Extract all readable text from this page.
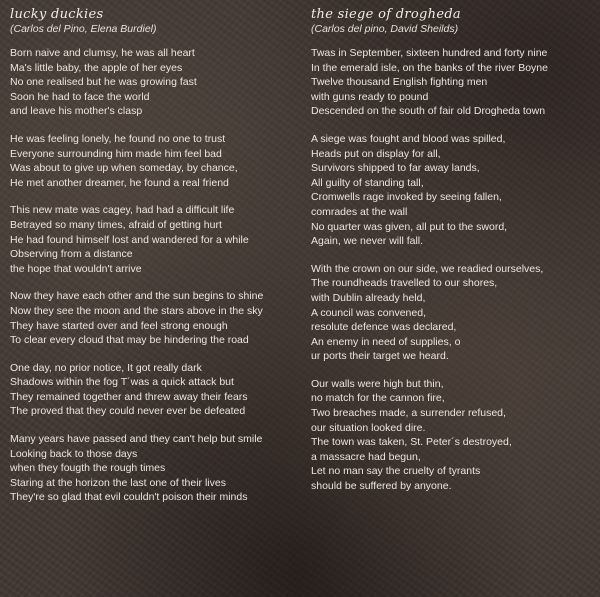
lucky duckies
(Carlos del Pino, Elena Burdiel)
Born naive and clumsy, he was all heart
Ma's little baby, the apple of her eyes
No one realised but he was growing fast
Soon he had to face the world
and leave his mother's clasp
He was feeling lonely, he found no one to trust
Everyone surrounding him made him feel bad
Was about to give up when someday, by chance,
He met another dreamer, he found a real friend
This new mate was cagey, had had a difficult life
Betrayed so many times, afraid of getting hurt
He had found himself lost and wandered for a while
Observing from a distance
the hope that wouldn't arrive
Now they have each other and the sun begins to shine
Now they see the moon and the stars above in the sky
They have started over and feel strong enough
To clear every cloud that may be hindering the road
One day, no prior notice, It got really dark
Shadows within the fog T´was a quick attack but
They remained together and threw away their fears
The proved that they could never ever be defeated
Many years have passed and they can't help but smile
Looking back to those days
when they fougth the rough times
Staring at the horizon the last one of their lives
They're so glad that evil couldn't poison their minds
the siege of drogheda
(Carlos del pino, David Sheilds)
Twas in September, sixteen hundred and forty nine
In the emerald isle, on the banks of the river Boyne
Twelve thousand English fighting men
with guns ready to pound
Descended on the south of fair old Drogheda town
A siege was fought and blood was spilled,
Heads put on display for all,
Survivors shipped to far away lands,
All guilty of standing tall,
Cromwells rage invoked by seeing fallen,
comrades at the wall
No quarter was given, all put to the sword,
Again, we never will fall.
With the crown on our side, we readied ourselves,
The roundheads travelled to our shores,
with Dublin already held,
A council was convened,
resolute defence was declared,
An enemy in need of supplies, o
ur ports their target we heard.
Our walls were high but thin,
no match for the cannon fire,
Two breaches made, a surrender refused,
our situation looked dire.
The town was taken, St. Peter´s destroyed,
a massacre had begun,
Let no man say the cruelty of tyrants
should be suffered by anyone.
